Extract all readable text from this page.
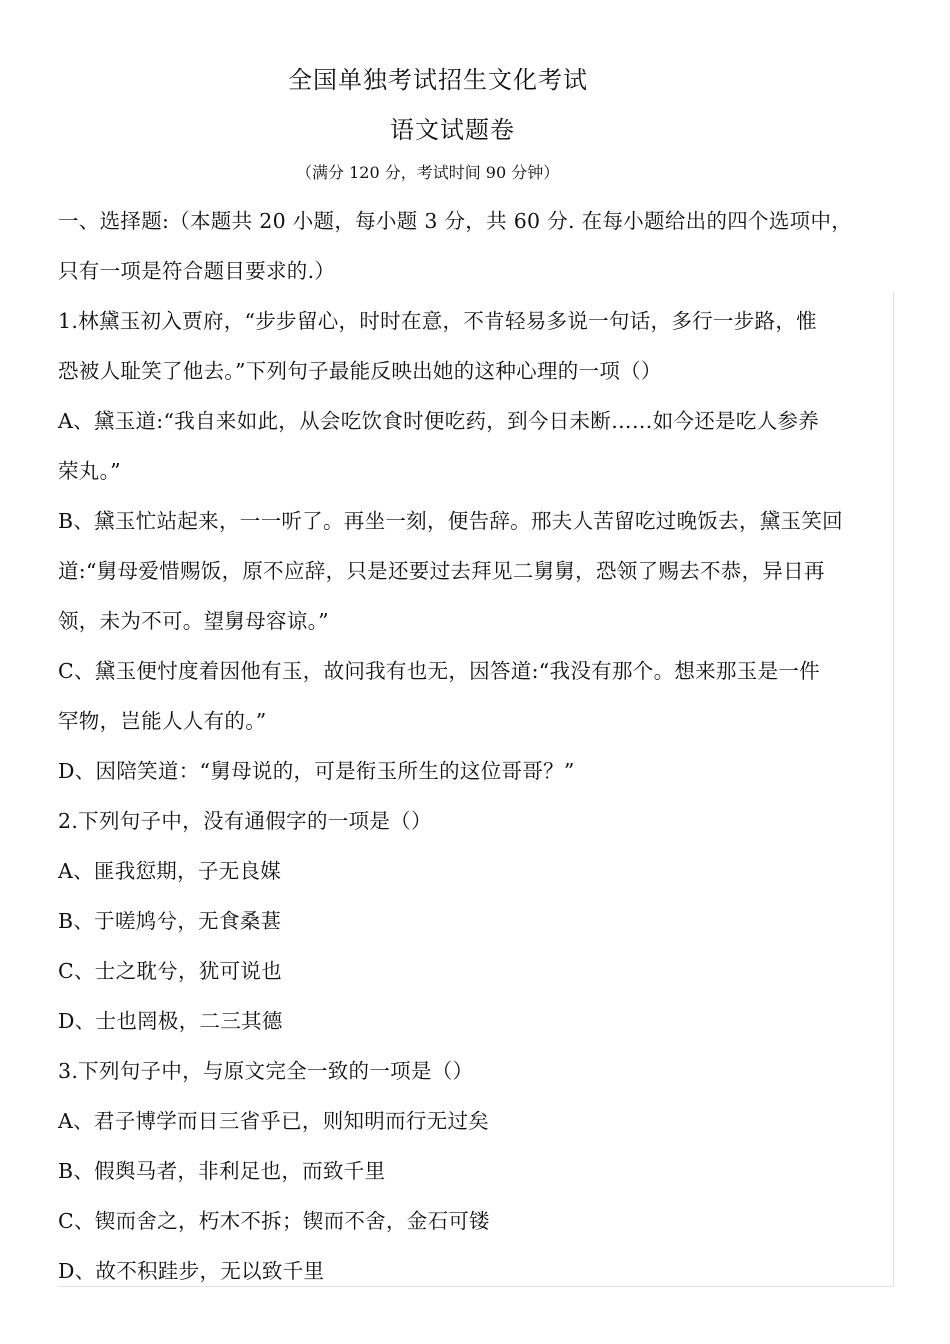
全国单独考试招生文化考试
语文试题卷
（满分 120 分，考试时间 90 分钟）
一、选择题:（本题共 20 小题，每小题 3 分，共 60 分. 在每小题给出的四个选项中，
只有一项是符合题目要求的.）
1.林黛玉初入贾府，“步步留心，时时在意，不肯轻易多说一句话，多行一步路，惟
恐被人耻笑了他去。”下列句子最能反映出她的这种心理的一项（）
A、黛玉道:“我自来如此，从会吃饮食时便吃药，到今日未断……如今还是吃人参养
荣丸。”
B、黛玉忙站起来，一一听了。再坐一刻，便告辞。邢夫人苦留吃过晚饭去，黛玉笑回
道:“舅母爱惜赐饭，原不应辞，只是还要过去拜见二舅舅，恐领了赐去不恭，异日再
领，未为不可。望舅母容谅。”
C、黛玉便忖度着因他有玉，故问我有也无，因答道:“我没有那个。想来那玉是一件
罕物，岂能人人有的。”
D、因陪笑道：“舅母说的，可是衔玉所生的这位哥哥？”
2.下列句子中，没有通假字的一项是（）
A、匪我愆期，子无良媒
B、于嗟鸠兮，无食桑葚
C、士之耽兮，犹可说也
D、士也罔极，二三其德
3.下列句子中，与原文完全一致的一项是（）
A、君子博学而日三省乎已，则知明而行无过矣
B、假舆马者，非利足也，而致千里
C、锲而舍之，朽木不拆；锲而不舍，金石可镂
D、故不积跬步，无以致千里
